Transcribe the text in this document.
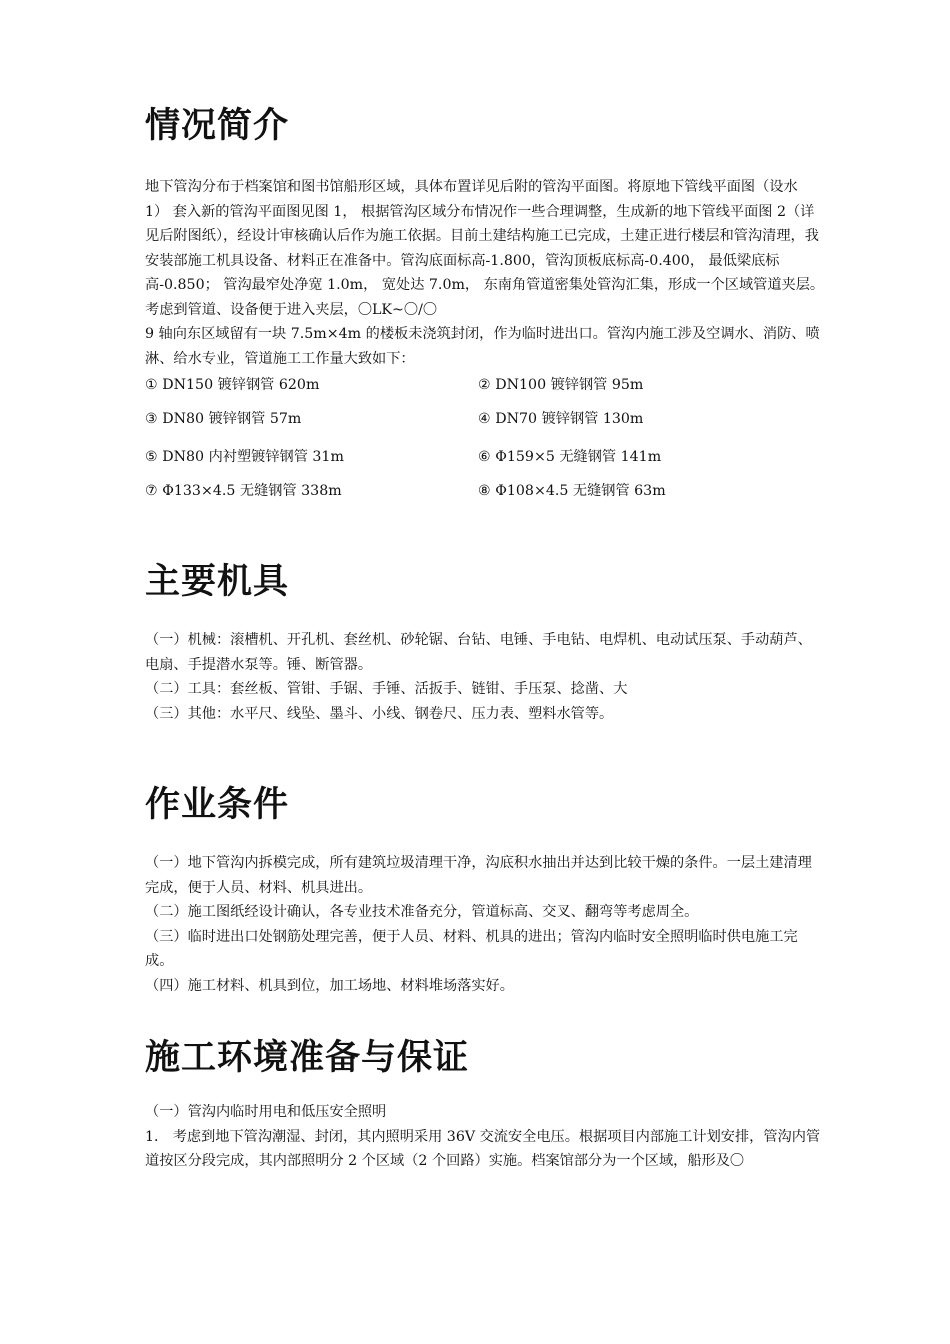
情况简介

地下管沟分布于档案馆和图书馆船形区域，具体布置详见后附的管沟平面图。将原地下管线平面图（设水 1） 套入新的管沟平面图见图 1， 根据管沟区域分布情况作一些合理调整，生成新的地下管线平面图 2（详见后附图纸），经设计审核确认后作为施工依据。目前土建结构施工已完成，土建正进行楼层和管沟清理，我安装部施工机具设备、材料正在准备中。管沟底面标高-1.800，管沟顶板底标高-0.400， 最低梁底标高-0.850； 管沟最窄处净宽 1.0m， 宽处达 7.0m， 东南角管道密集处管沟汇集，形成一个区域管道夹层。考虑到管道、设备便于进入夹层，〇LK~〇/〇

9 轴向东区域留有一块 7.5m×4m 的楼板未浇筑封闭，作为临时进出口。管沟内施工涉及空调水、消防、喷淋、给水专业，管道施工工作量大致如下：

① DN150 镀锌钢管 620m	② DN100 镀锌钢管 95m
③ DN80 镀锌钢管 57m	④ DN70 镀锌钢管 130m
⑤ DN80 内衬塑镀锌钢管 31m	⑥ Φ159×5 无缝钢管 141m
⑦ Φ133×4.5 无缝钢管 338m	⑧ Φ108×4.5 无缝钢管 63m
主要机具

（一）机械：滚槽机、开孔机、套丝机、砂轮锯、台钻、电锤、手电钻、电焊机、电动试压泵、手动葫芦、电扇、手提潜水泵等。锤、断管器。

（二）工具：套丝板、管钳、手锯、手锤、活扳手、链钳、手压泵、捻凿、大

（三）其他：水平尺、线坠、墨斗、小线、钢卷尺、压力表、塑料水管等。

作业条件

（一）地下管沟内拆模完成，所有建筑垃圾清理干净，沟底积水抽出并达到比较干燥的条件。一层土建清理完成，便于人员、材料、机具进出。

（二）施工图纸经设计确认，各专业技术准备充分，管道标高、交叉、翻弯等考虑周全。

（三）临时进出口处钢筋处理完善，便于人员、材料、机具的进出；管沟内临时安全照明临时供电施工完成。

（四）施工材料、机具到位，加工场地、材料堆场落实好。

施工环境准备与保证

（一）管沟内临时用电和低压安全照明

1． 考虑到地下管沟潮湿、封闭，其内照明采用 36V 交流安全电压。根据项目内部施工计划安排，管沟内管道按区分段完成，其内部照明分 2 个区域（2 个回路）实施。档案馆部分为一个区域，船形及〇
